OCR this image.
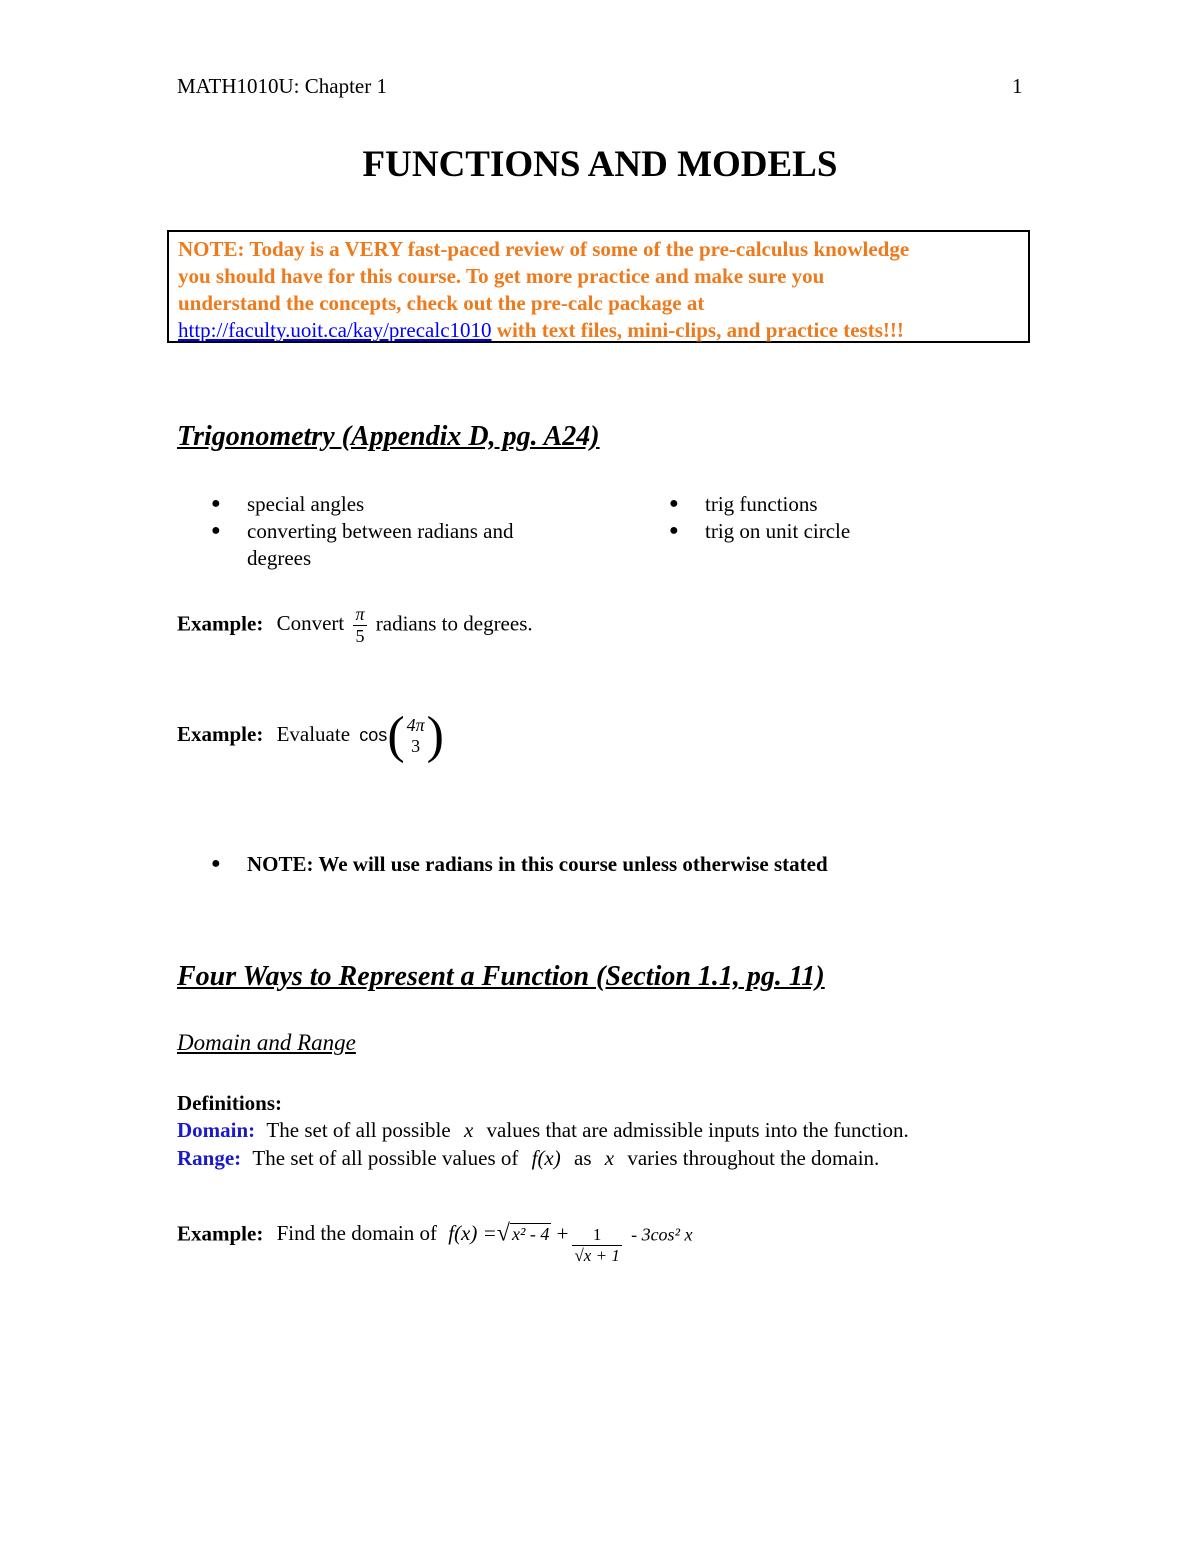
MATH1010U: Chapter 1	1
FUNCTIONS AND MODELS
NOTE: Today is a VERY fast-paced review of some of the pre-calculus knowledge
you should have for this course. To get more practice and make sure you
understand the concepts, check out the pre-calc package at
http://faculty.uoit.ca/kay/precalc1010 with text files, mini-clips, and practice tests!!!
Trigonometry (Appendix D, pg. A24)
● special angles
● converting between radians and
degrees
● trig functions
● trig on unit circle
Example: Convert $\frac{\pi}{5}$ radians to degrees.
Example: Evaluate cos( 4π
3 )
● NOTE: We will use radians in this course unless otherwise stated
Four Ways to Represent a Function (Section 1.1, pg. 11)
Domain and Range
Definitions:
Domain: The set of all possible x values that are admissible inputs into the function.
Range: The set of all possible values of f(x) as x varies throughout the domain.
Example: Find the domain of f(x) =√ $x^2 - 4 + \frac{1}{√x + 1} - 3\cos^2$ x
